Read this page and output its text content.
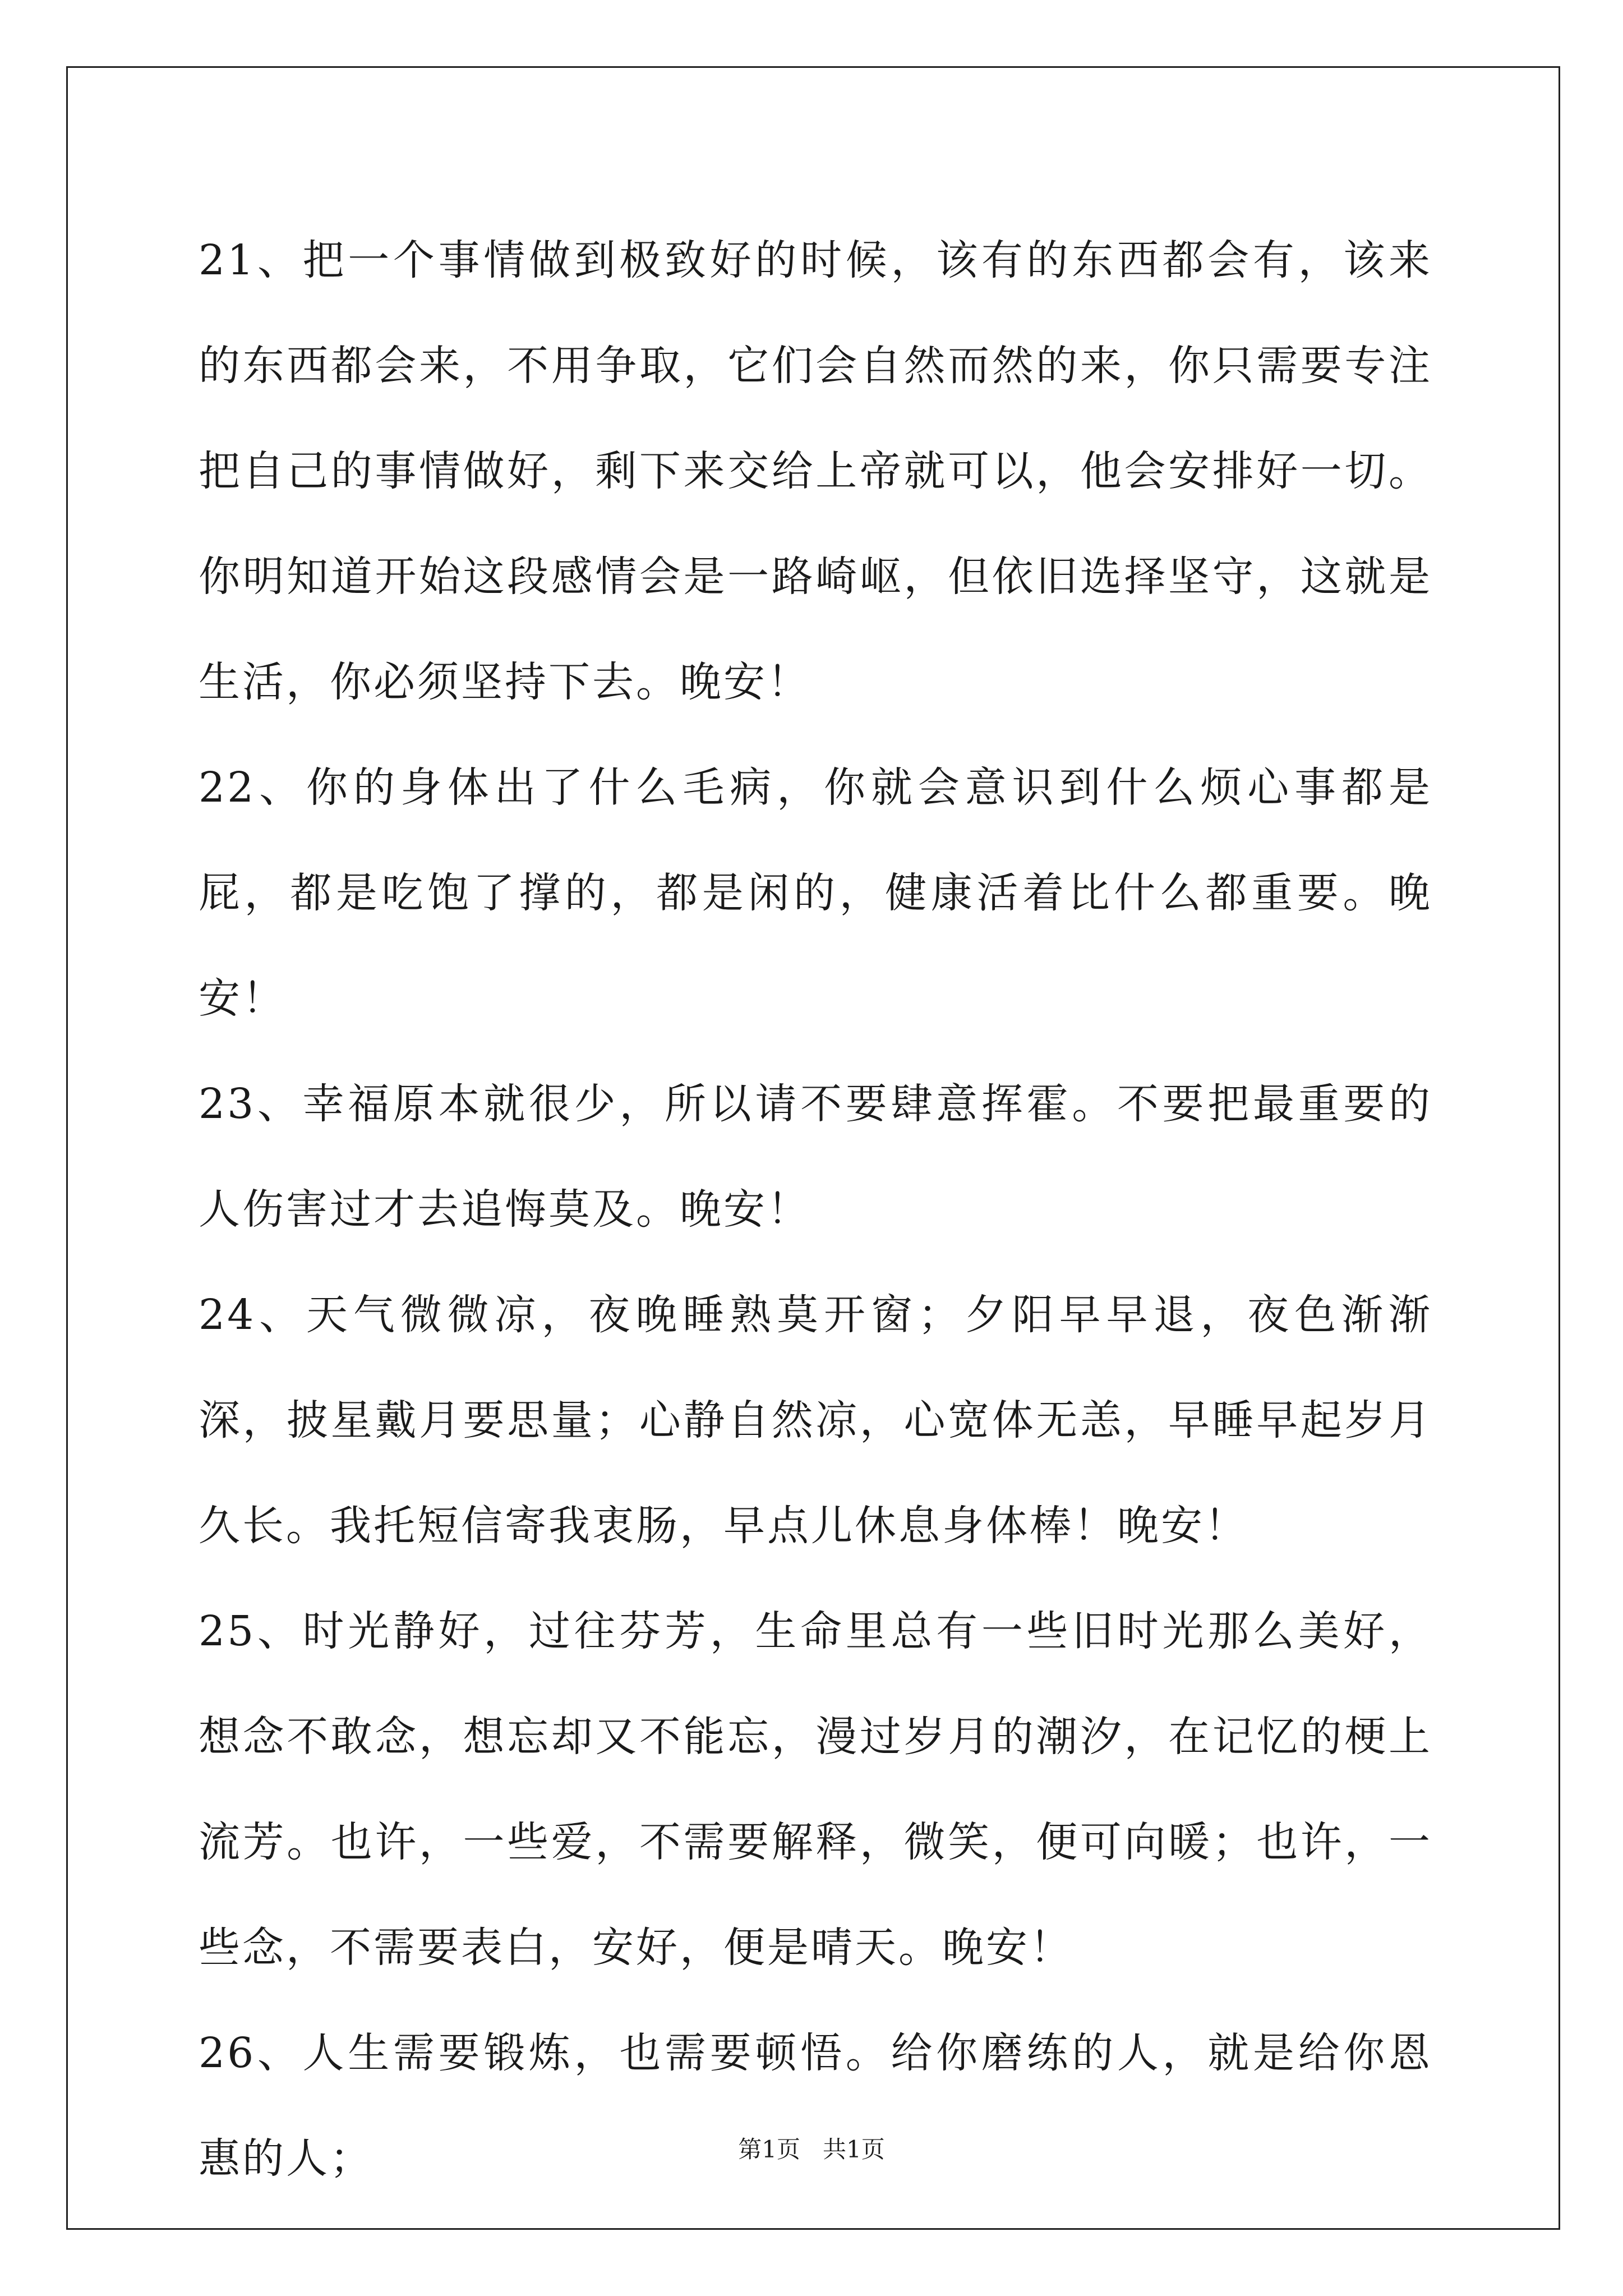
21、把一个事情做到极致好的时候，该有的东西都会有，该来的东西都会来，不用争取，它们会自然而然的来，你只需要专注把自己的事情做好，剩下来交给上帝就可以，他会安排好一切。你明知道开始这段感情会是一路崎岖，但依旧选择坚守，这就是生活，你必须坚持下去。晚安！

22、你的身体出了什么毛病，你就会意识到什么烦心事都是屁，都是吃饱了撑的，都是闲的，健康活着比什么都重要。晚安！

23、幸福原本就很少，所以请不要肆意挥霍。不要把最重要的人伤害过才去追悔莫及。晚安！

24、天气微微凉，夜晚睡熟莫开窗；夕阳早早退，夜色渐渐深，披星戴月要思量；心静自然凉，心宽体无恙，早睡早起岁月久长。我托短信寄我衷肠，早点儿休息身体棒！晚安！

25、时光静好，过往芬芳，生命里总有一些旧时光那么美好，想念不敢念，想忘却又不能忘，漫过岁月的潮汐，在记忆的梗上流芳。也许，一些爱，不需要解释，微笑，便可向暖；也许，一些念，不需要表白，安好，便是晴天。晚安！

26、人生需要锻炼，也需要顿悟。给你磨练的人，就是给你恩惠的人；	第1页 共1页
